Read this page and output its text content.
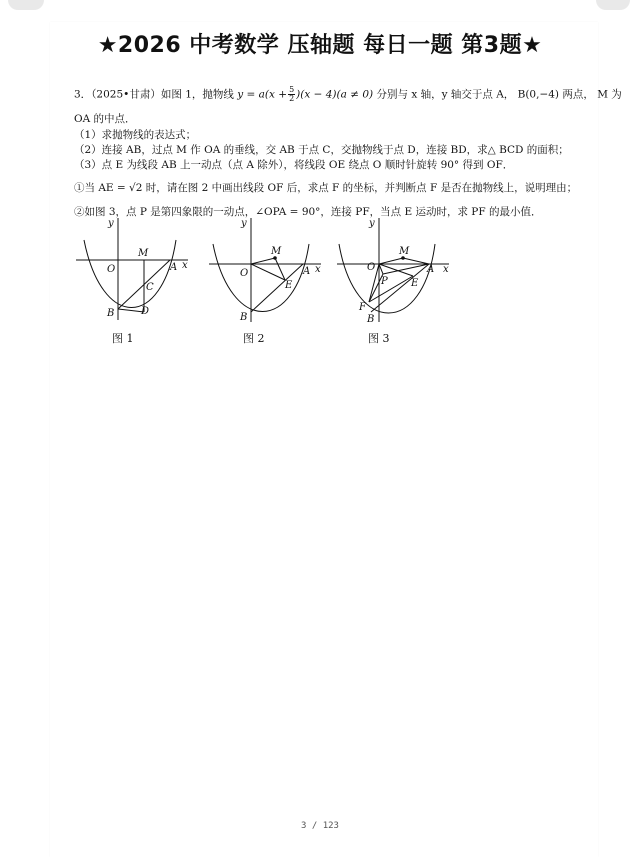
★2026 中考数学 压轴题 每日一题 第3题★
3．（2025•甘肃）如图 1，抛物线 $y = a(x + \frac{5}{2} )(x - 4)(a \ne 0)$ 分别与 x 轴，y 轴交于点 A， B(0,−4) 两点， M 为
OA 的中点．
（1）求抛物线的表达式；
（2）连接 AB，过点 M 作 OA 的垂线，交 AB 于点 C，交抛物线于点 D，连接 BD，求△ BCD 的面积；
（3）点 E 为线段 AB 上一动点（点 A 除外），将线段 OE 绕点 O 顺时针旋转 90° 得到 OF．
①当 AE = √2 时，请在图 2 中画出线段 OF 后，求点 F 的坐标，并判断点 F 是否在抛物线上，说明理由；
②如图 3，点 P 是第四象限的一动点，∠OPA = 90°，连接 PF，当点 E 运动时，求 PF 的最小值．
y
x
O
M
A
C
B	D
图 1
y
x
O
M
A
E
B
图 2
y
x
O
M
A
P E
F
B
图 3
3 / 123
